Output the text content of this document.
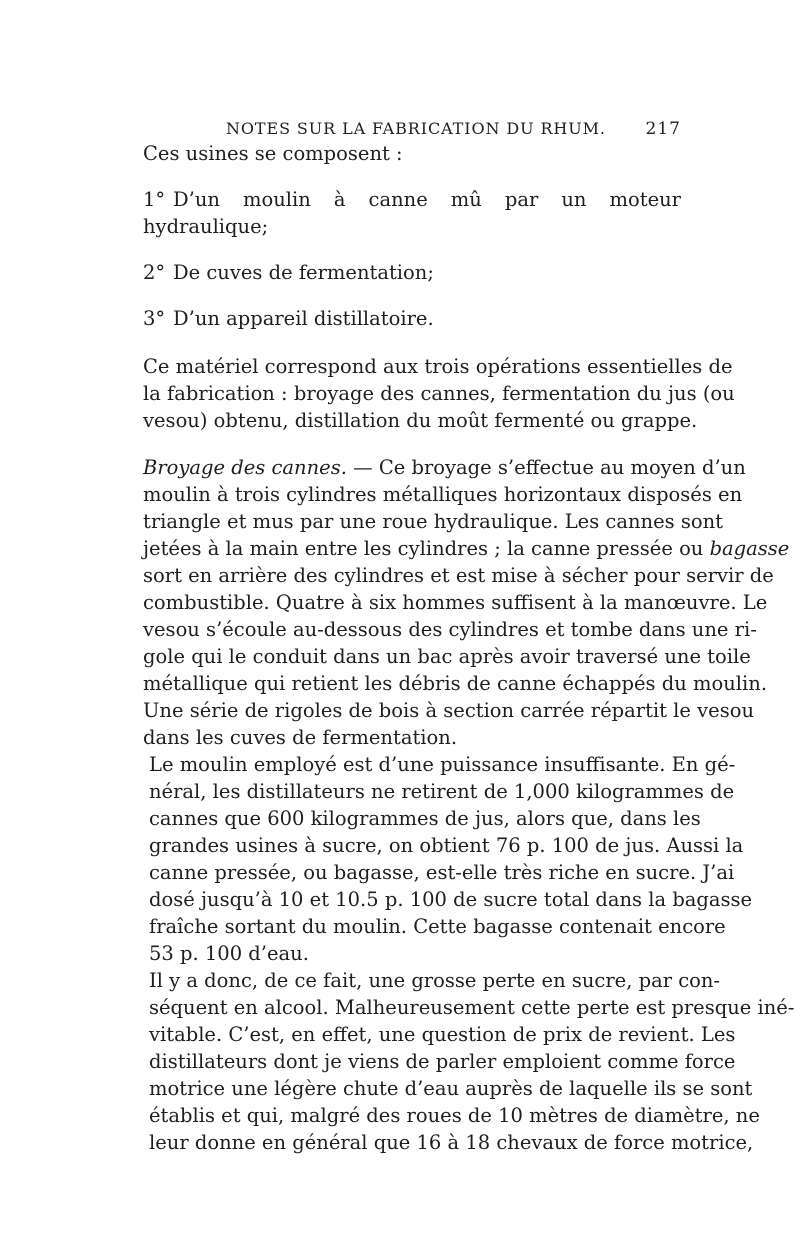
NOTES SUR LA FABRICATION DU RHUM. 217

Ces usines se composent :

1° D’un moulin à canne mû par un moteur hydraulique;

2° De cuves de fermentation;

3° D’un appareil distillatoire.

Ce matériel correspond aux trois opérations essentielles de
la fabrication : broyage des cannes, fermentation du jus (ou
vesou) obtenu, distillation du moût fermenté ou grappe.

Broyage des cannes. — Ce broyage s’effectue au moyen d’un
moulin à trois cylindres métalliques horizontaux disposés en
triangle et mus par une roue hydraulique. Les cannes sont
jetées à la main entre les cylindres ; la canne pressée ou bagasse
sort en arrière des cylindres et est mise à sécher pour servir de
combustible. Quatre à six hommes suffisent à la manœuvre. Le
vesou s’écoule au-dessous des cylindres et tombe dans une ri-
gole qui le conduit dans un bac après avoir traversé une toile
métallique qui retient les débris de canne échappés du moulin.
Une série de rigoles de bois à section carrée répartit le vesou
dans les cuves de fermentation.

Le moulin employé est d’une puissance insuffisante. En gé-
néral, les distillateurs ne retirent de 1,000 kilogrammes de
cannes que 600 kilogrammes de jus, alors que, dans les
grandes usines à sucre, on obtient 76 p. 100 de jus. Aussi la
canne pressée, ou bagasse, est-elle très riche en sucre. J’ai
dosé jusqu’à 10 et 10.5 p. 100 de sucre total dans la bagasse
fraîche sortant du moulin. Cette bagasse contenait encore
53 p. 100 d’eau.

Il y a donc, de ce fait, une grosse perte en sucre, par con-
séquent en alcool. Malheureusement cette perte est presque iné-
vitable. C’est, en effet, une question de prix de revient. Les
distillateurs dont je viens de parler emploient comme force
motrice une légère chute d’eau auprès de laquelle ils se sont
établis et qui, malgré des roues de 10 mètres de diamètre, ne
leur donne en général que 16 à 18 chevaux de force motrice,
